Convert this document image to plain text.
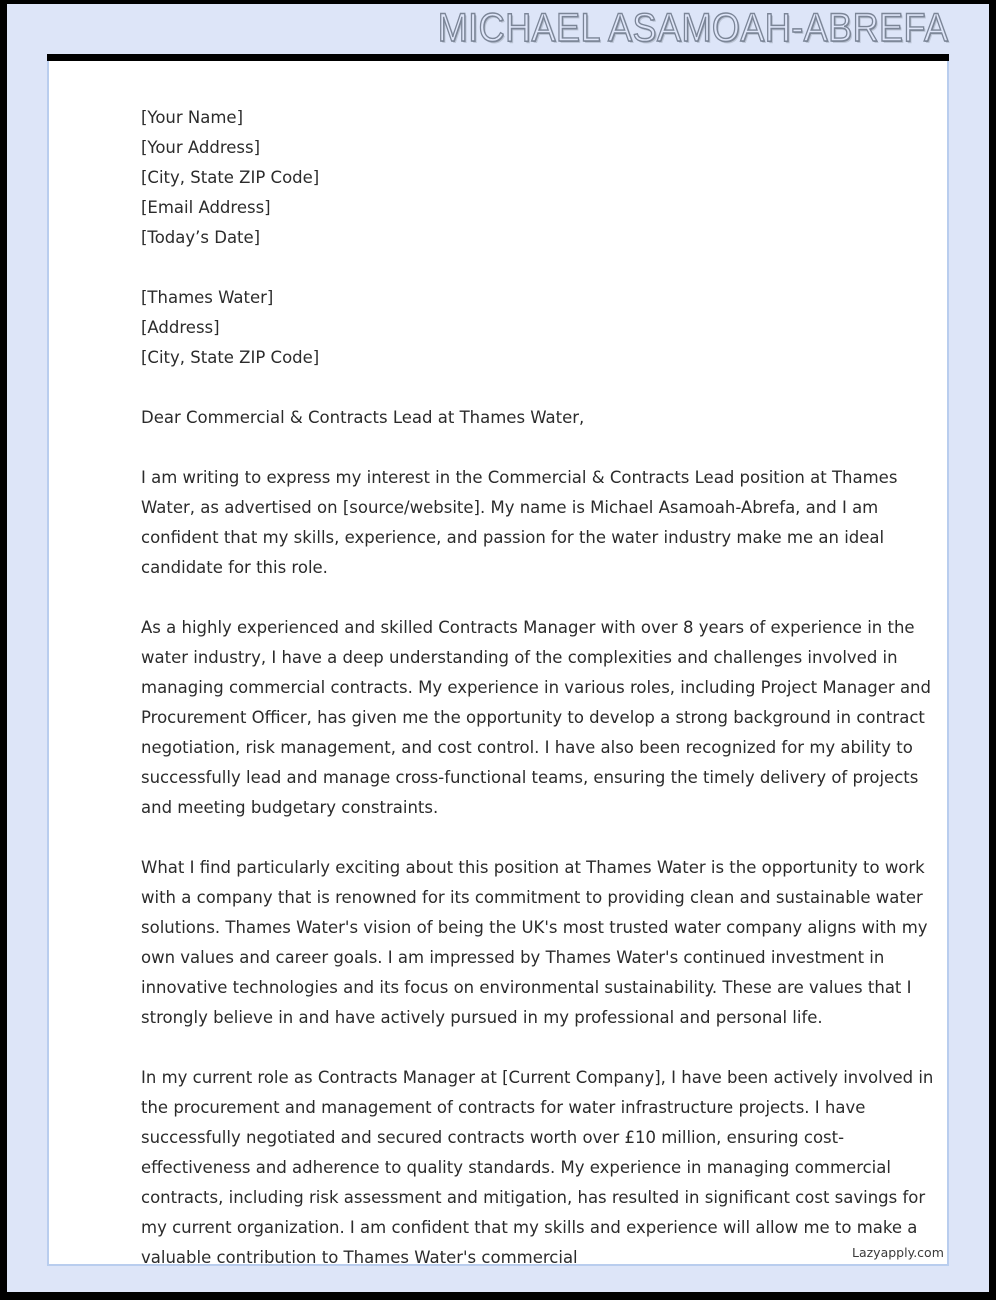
MICHAEL ASAMOAH-ABREFA
[Your Name]
[Your Address]
[City, State ZIP Code]
[Email Address]
[Today’s Date]
[Thames Water]
[Address]
[City, State ZIP Code]

Dear Commercial & Contracts Lead at Thames Water,

I am writing to express my interest in the Commercial & Contracts Lead position at Thames Water, as advertised on [source/website]. My name is Michael Asamoah-Abrefa, and I am confident that my skills, experience, and passion for the water industry make me an ideal candidate for this role.

As a highly experienced and skilled Contracts Manager with over 8 years of experience in the water industry, I have a deep understanding of the complexities and challenges involved in managing commercial contracts. My experience in various roles, including Project Manager and Procurement Officer, has given me the opportunity to develop a strong background in contract negotiation, risk management, and cost control. I have also been recognized for my ability to successfully lead and manage cross-functional teams, ensuring the timely delivery of projects and meeting budgetary constraints.

What I find particularly exciting about this position at Thames Water is the opportunity to work with a company that is renowned for its commitment to providing clean and sustainable water solutions. Thames Water's vision of being the UK's most trusted water company aligns with my own values and career goals. I am impressed by Thames Water's continued investment in innovative technologies and its focus on environmental sustainability. These are values that I strongly believe in and have actively pursued in my professional and personal life.

In my current role as Contracts Manager at [Current Company], I have been actively involved in the procurement and management of contracts for water infrastructure projects. I have successfully negotiated and secured contracts worth over £10 million, ensuring cost-effectiveness and adherence to quality standards. My experience in managing commercial contracts, including risk assessment and mitigation, has resulted in significant cost savings for my current organization. I am confident that my skills and experience will allow me to make a valuable contribution to Thames Water's commercial	Lazyapply.com
